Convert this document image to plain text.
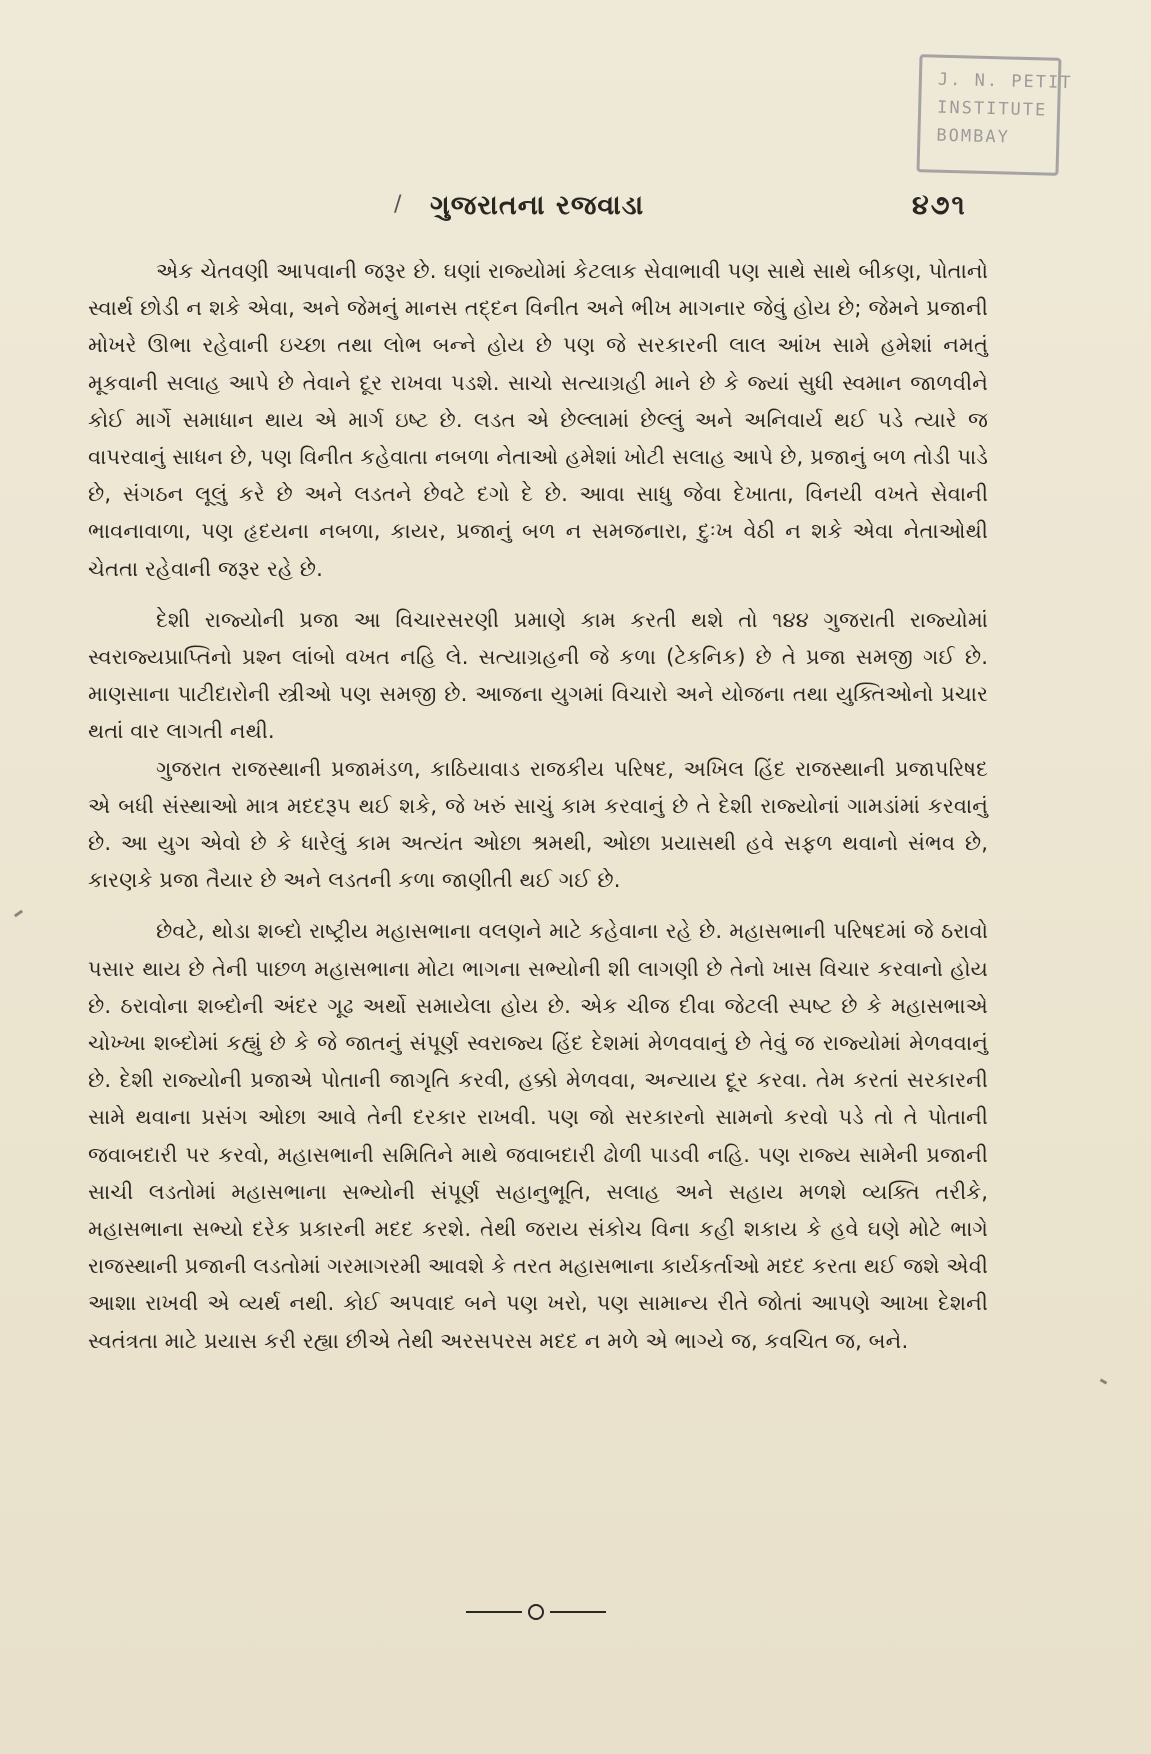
J. N. PETIT
INSTITUTE
BOMBAY
/ ગુજરાતના રજવાડા	૪૭૧

એક ચેતવણી આપવાની જરૂર છે. ઘણાં રાજ્યોમાં કેટલાક સેવાભાવી પણ સાથે સાથે બીકણ, પોતાનો સ્વાર્થ છોડી ન શકે એવા, અને જેમનું માનસ તદ્દન વિનીત અને ભીખ માગનાર જેવું હોય છે; જેમને પ્રજાની મોખરે ઊભા રહેવાની ઇચ્છા તથા લોભ બન્ને હોય છે પણ જે સરકારની લાલ આંખ સામે હમેશાં નમતું મૂકવાની સલાહ આપે છે તેવાને દૂર રાખવા પડશે. સાચો સત્યાગ્રહી માને છે કે જ્યાં સુધી સ્વમાન જાળવીને કોઈ માર્ગે સમાધાન થાય એ માર્ગ ઇષ્ટ છે. લડત એ છેલ્લામાં છેલ્લું અને અનિવાર્ય થઈ પડે ત્યારે જ વાપરવાનું સાધન છે, પણ વિનીત કહેવાતા નબળા નેતાઓ હમેશાં ખોટી સલાહ આપે છે, પ્રજાનું બળ તોડી પાડે છે, સંગઠન લૂલું કરે છે અને લડતને છેવટે દગો દે છે. આવા સાધુ જેવા દેખાતા, વિનયી વખતે સેવાની ભાવનાવાળા, પણ હૃદયના નબળા, કાયર, પ્રજાનું બળ ન સમજનારા, દુઃખ વેઠી ન શકે એવા નેતાઓથી ચેતતા રહેવાની જરૂર રહે છે.

દેશી રાજ્યોની પ્રજા આ વિચારસરણી પ્રમાણે કામ કરતી થશે તો ૧૪૪ ગુજરાતી રાજ્યોમાં સ્વરાજ્યપ્રાપ્તિનો પ્રશ્ન લાંબો વખત નહિ લે. સત્યાગ્રહની જે કળા (ટેકનિક) છે તે પ્રજા સમજી ગઈ છે. માણસાના પાટીદારોની સ્ત્રીઓ પણ સમજી છે. આજના યુગમાં વિચારો અને યોજના તથા યુક્તિઓનો પ્રચાર થતાં વાર લાગતી નથી.

ગુજરાત રાજસ્થાની પ્રજામંડળ, કાઠિયાવાડ રાજકીય પરિષદ, અખિલ હિંદ રાજસ્થાની પ્રજાપરિષદ એ બધી સંસ્થાઓ માત્ર મદદરૂપ થઈ શકે, જે ખરું સાચું કામ કરવાનું છે તે દેશી રાજ્યોનાં ગામડાંમાં કરવાનું છે. આ યુગ એવો છે કે ધારેલું કામ અત્યંત ઓછા શ્રમથી, ઓછા પ્રયાસથી હવે સફળ થવાનો સંભવ છે, કારણકે પ્રજા તૈયાર છે અને લડતની કળા જાણીતી થઈ ગઈ છે.

છેવટે, થોડા શબ્દો રાષ્ટ્રીય મહાસભાના વલણને માટે કહેવાના રહે છે. મહાસભાની પરિષદમાં જે ઠરાવો પસાર થાય છે તેની પાછળ મહાસભાના મોટા ભાગના સભ્યોની શી લાગણી છે તેનો ખાસ વિચાર કરવાનો હોય છે. ઠરાવોના શબ્દોની અંદર ગૂઢ અર્થો સમાયેલા હોય છે. એક ચીજ દીવા જેટલી સ્પષ્ટ છે કે મહાસભાએ ચોખ્ખા શબ્દોમાં કહ્યું છે કે જે જાતનું સંપૂર્ણ સ્વરાજ્ય હિંદ દેશમાં મેળવવાનું છે તેવું જ રાજ્યોમાં મેળવવાનું છે. દેશી રાજ્યોની પ્રજાએ પોતાની જાગૃતિ કરવી, હક્કો મેળવવા, અન્યાય દૂર કરવા. તેમ કરતાં સરકારની સામે થવાના પ્રસંગ ઓછા આવે તેની દરકાર રાખવી. પણ જો સરકારનો સામનો કરવો પડે તો તે પોતાની જવાબદારી પર કરવો, મહાસભાની સમિતિને માથે જવાબદારી ઢોળી પાડવી નહિ. પણ રાજ્ય સામેની પ્રજાની સાચી લડતોમાં મહાસભાના સભ્યોની સંપૂર્ણ સહાનુભૂતિ, સલાહ અને સહાય મળશે વ્યક્તિ તરીકે, મહાસભાના સભ્યો દરેક પ્રકારની મદદ કરશે. તેથી જરાય સંકોચ વિના કહી શકાય કે હવે ઘણે મોટે ભાગે રાજસ્થાની પ્રજાની લડતોમાં ગરમાગરમી આવશે કે તરત મહાસભાના કાર્યકર્તાઓ મદદ કરતા થઈ જશે એવી આશા રાખવી એ વ્યર્થ નથી. કોઈ અપવાદ બને પણ ખરો, પણ સામાન્ય રીતે જોતાં આપણે આખા દેશની સ્વતંત્રતા માટે પ્રયાસ કરી રહ્યા છીએ તેથી અરસપરસ મદદ ન મળે એ ભાગ્યે જ, કવચિત જ, બને.
